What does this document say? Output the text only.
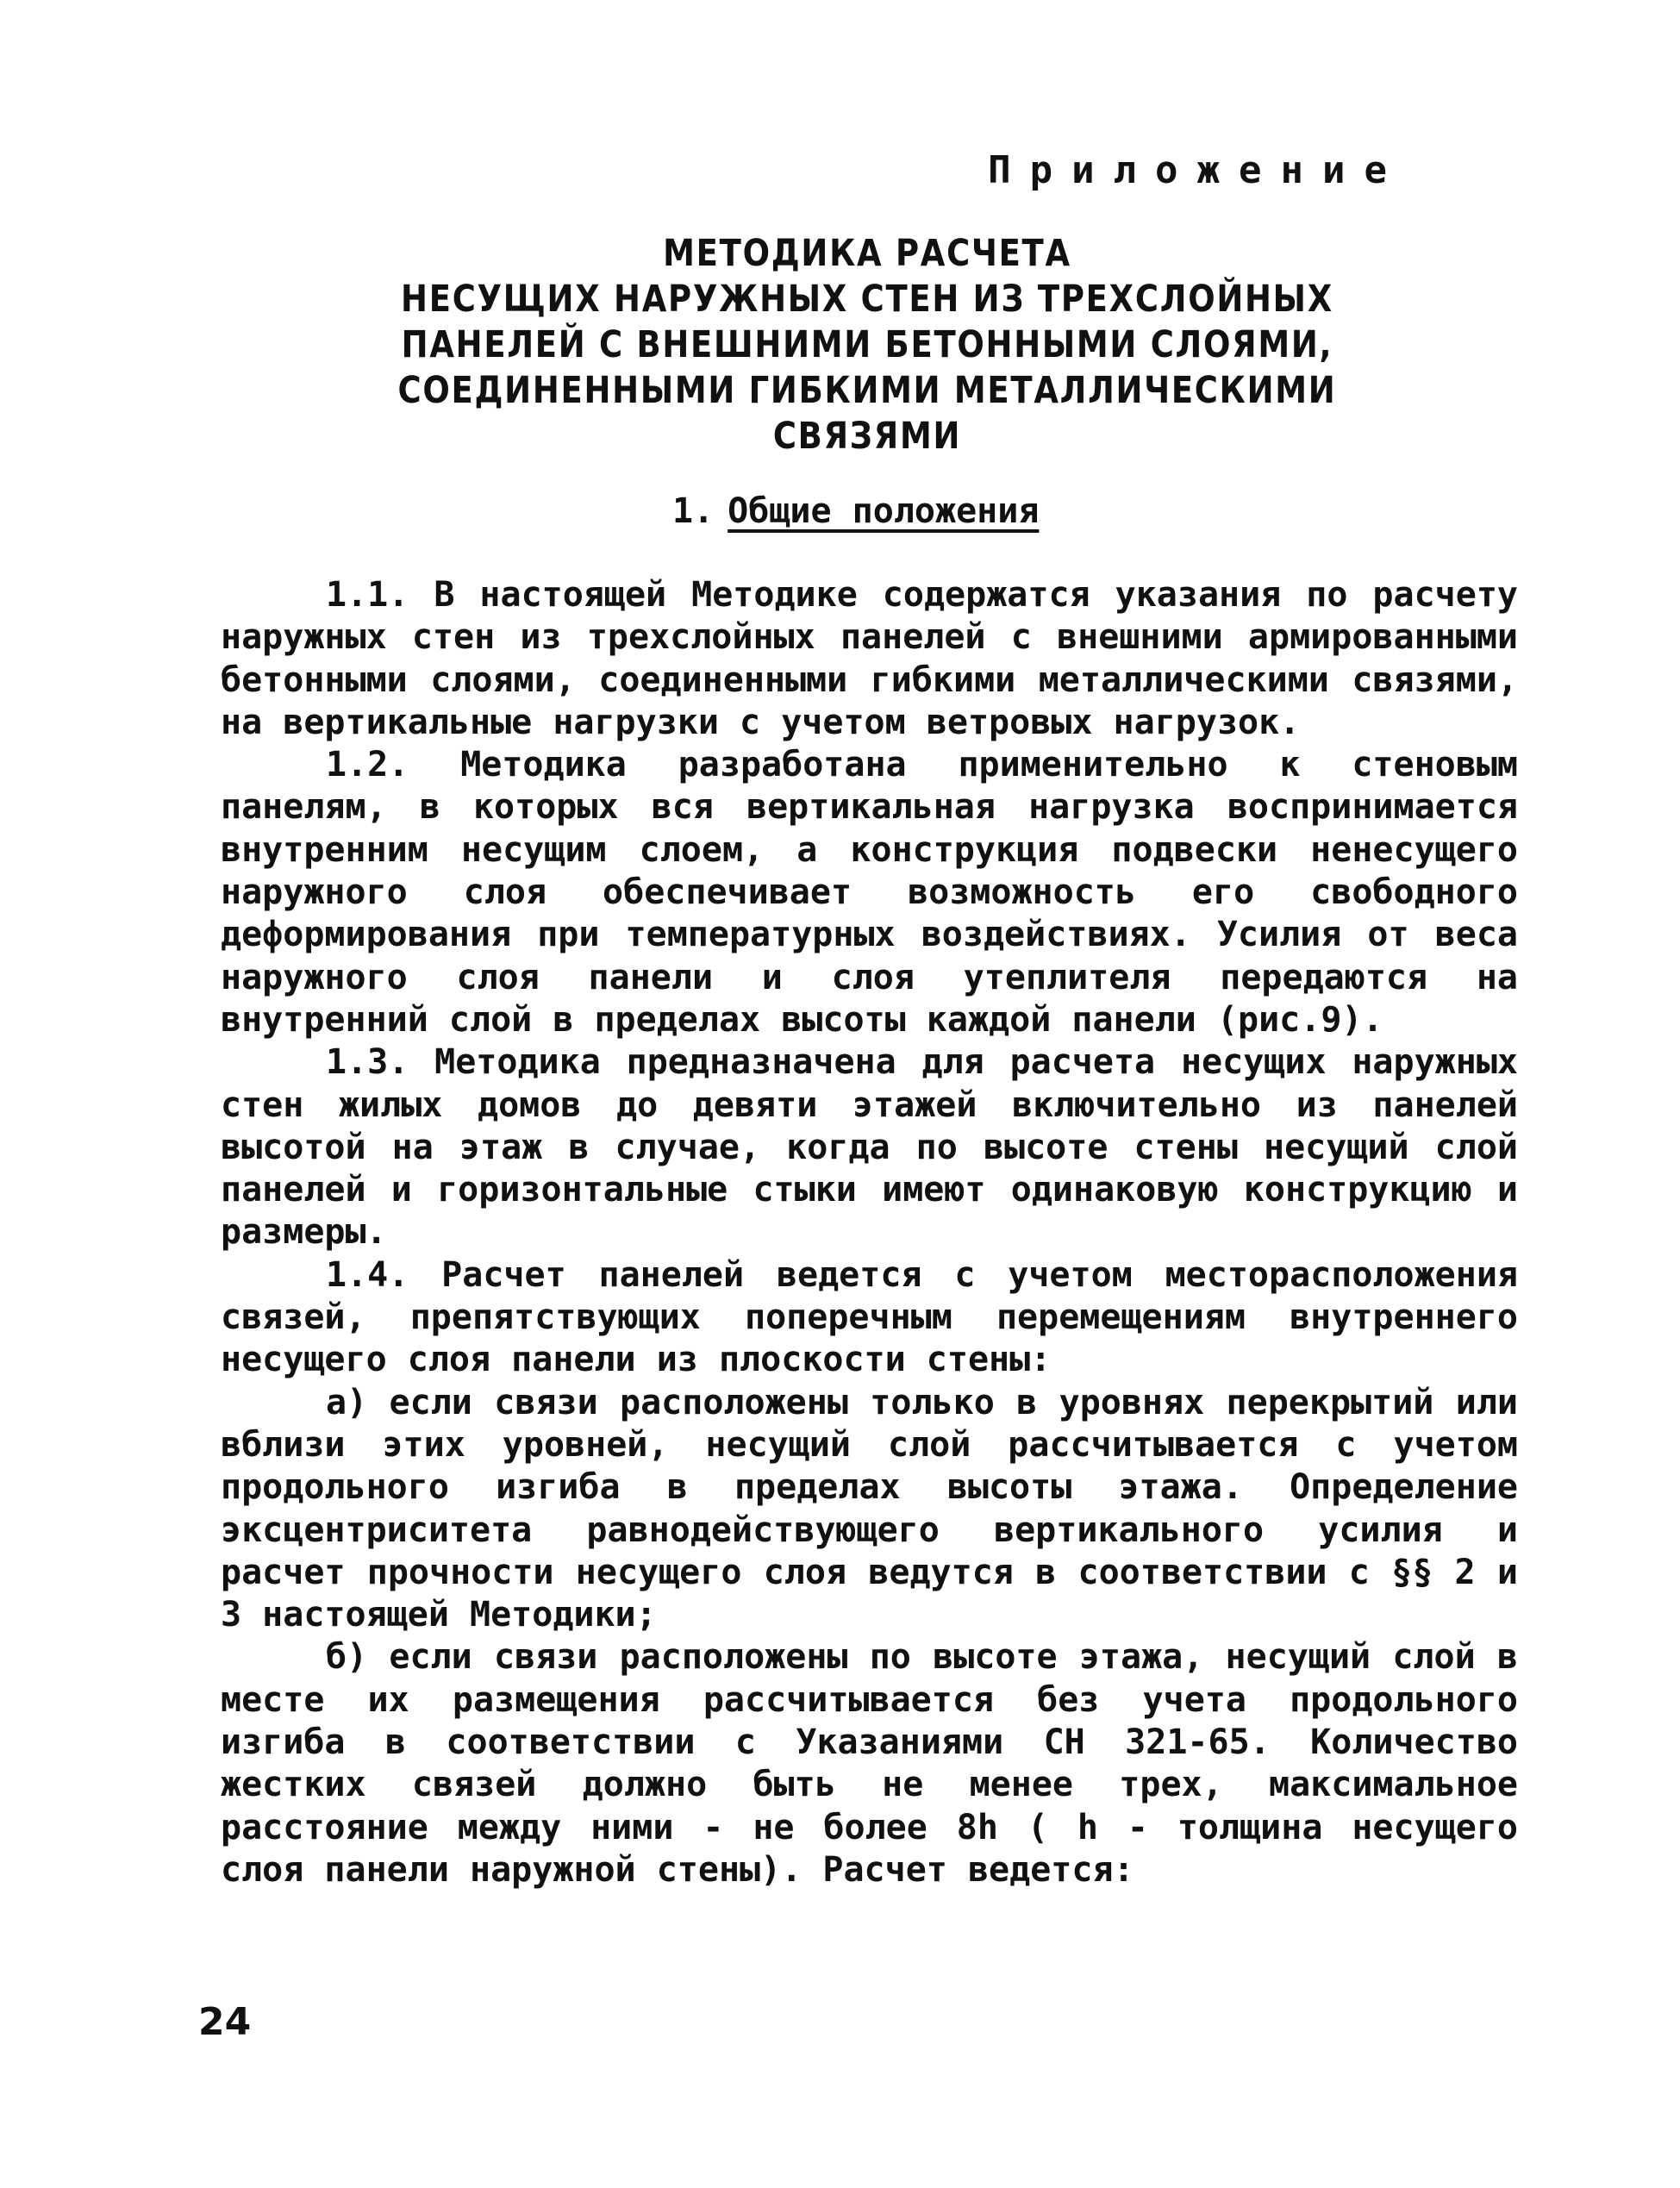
Приложение
МЕТОДИКА РАСЧЕТА
НЕСУЩИХ НАРУЖНЫХ СТЕН ИЗ ТРЕХСЛОЙНЫХ
ПАНЕЛЕЙ С ВНЕШНИМИ БЕТОННЫМИ СЛОЯМИ,
СОЕДИНЕННЫМИ ГИБКИМИ МЕТАЛЛИЧЕСКИМИ
СВЯЗЯМИ
1. Общие положения

1.1. В настоящей Методике содержатся указания по расчету наружных стен из трехслойных панелей с внешними армированными бетонными слоями, соединенными гибкими металлическими связями, на вертикальные нагрузки с учетом ветровых нагрузок.

1.2. Методика разработана применительно к стеновым панелям, в которых вся вертикальная нагрузка воспринимается внутренним несущим слоем, а конструкция подвески ненесущего наружного слоя обеспечивает возможность его свободного деформирования при температурных воздействиях. Усилия от веса наружного слоя панели и слоя утеплителя передаются на внутренний слой в пределах высоты каждой панели (рис.9).

1.3. Методика предназначена для расчета несущих наружных стен жилых домов до девяти этажей включительно из панелей высотой на этаж в случае, когда по высоте стены несущий слой панелей и горизонтальные стыки имеют одинаковую конструкцию и размеры.

1.4. Расчет панелей ведется с учетом месторасположения связей, препятствующих поперечным перемещениям внутреннего несущего слоя панели из плоскости стены:

а) если связи расположены только в уровнях перекрытий или вблизи этих уровней, несущий слой рассчитывается с учетом продольного изгиба в пределах высоты этажа. Определение эксцентриситета равнодействующего вертикального усилия и расчет прочности несущего слоя ведутся в соответствии с §§ 2 и 3 настоящей Методики;

б) если связи расположены по высоте этажа, несущий слой в месте их размещения рассчитывается без учета продольного изгиба в соответствии с Указаниями СН 321-65. Количество жестких связей должно быть не менее трех, максимальное расстояние между ними - не более 8h ( h - толщина несущего слоя панели наружной стены). Расчет ведется:

24
